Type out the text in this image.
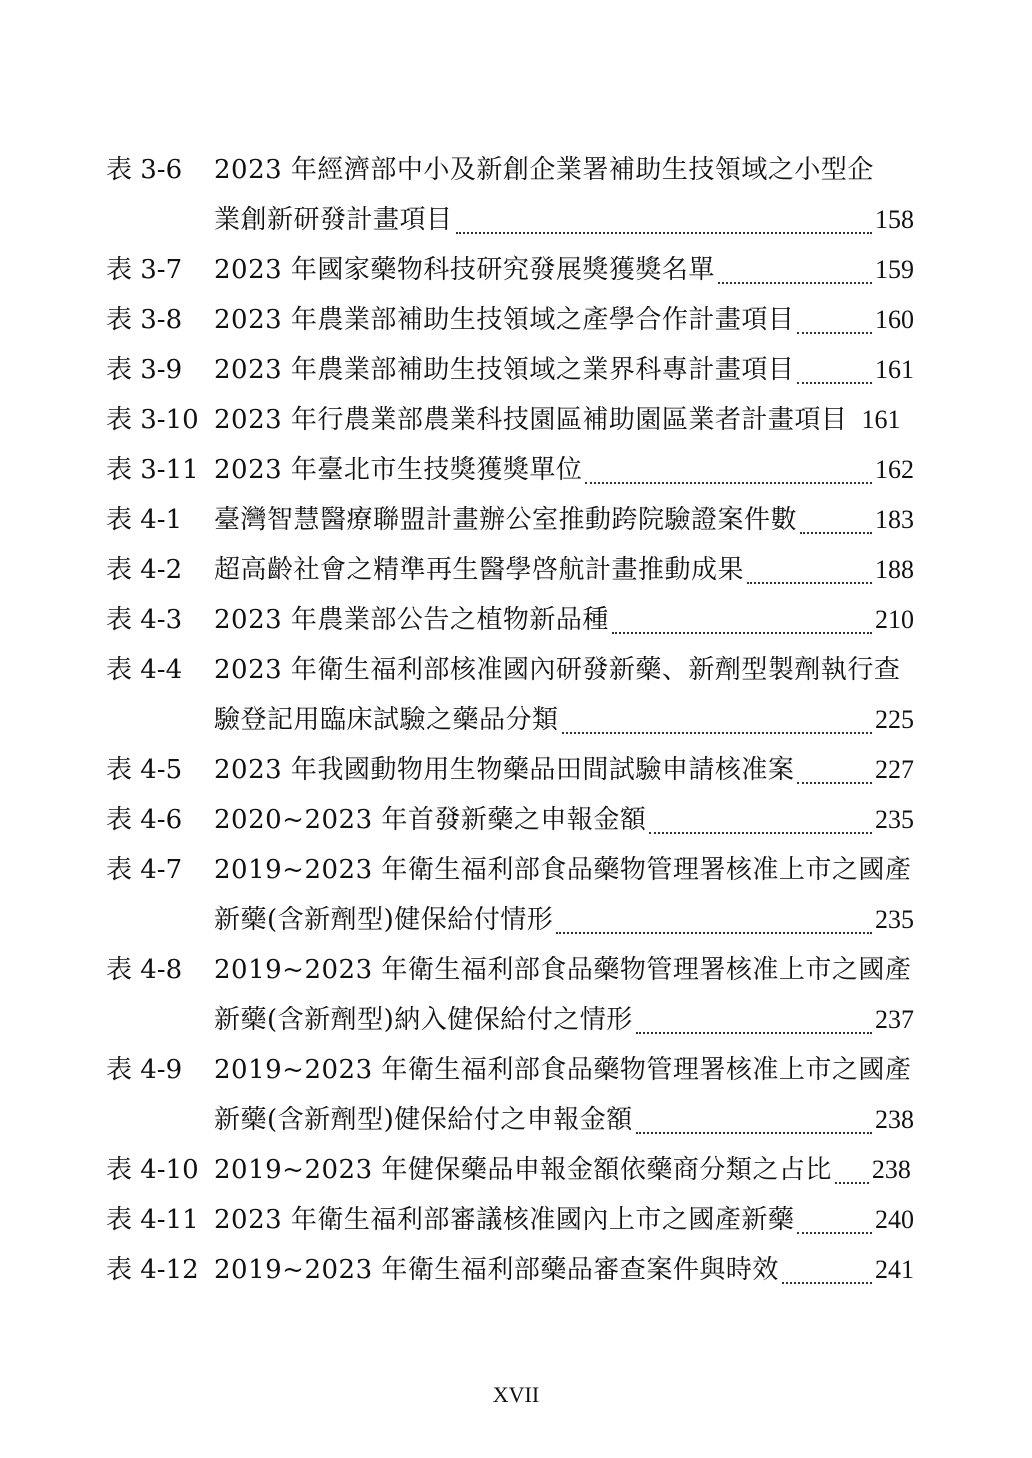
表 3-6	2023 年經濟部中小及新創企業署補助生技領域之小型企
業創新研發計畫項目	158
表 3-7	2023 年國家藥物科技研究發展獎獲獎名單	159
表 3-8	2023 年農業部補助生技領域之產學合作計畫項目	160
表 3-9	2023 年農業部補助生技領域之業界科專計畫項目	161
表 3-10 2023 年行農業部農業科技園區補助園區業者計畫項目 161
表 3-11 2023 年臺北市生技獎獲獎單位	162
表 4-1	臺灣智慧醫療聯盟計畫辦公室推動跨院驗證案件數	183
表 4-2	超高齡社會之精準再生醫學啓航計畫推動成果	188
表 4-3	2023 年農業部公告之植物新品種	210
表 4-4	2023 年衛生福利部核准國內研發新藥、新劑型製劑執行查
驗登記用臨床試驗之藥品分類	225
表 4-5	2023 年我國動物用生物藥品田間試驗申請核准案	227
表 4-6	2020~2023 年首發新藥之申報金額	235
表 4-7	2019~2023 年衛生福利部食品藥物管理署核准上市之國產
新藥(含新劑型)健保給付情形	235
表 4-8	2019~2023 年衛生福利部食品藥物管理署核准上市之國產
新藥(含新劑型)納入健保給付之情形	237
表 4-9	2019~2023 年衛生福利部食品藥物管理署核准上市之國產
新藥(含新劑型)健保給付之申報金額	238
表 4-10 2019~2023 年健保藥品申報金額依藥商分類之占比 238
表 4-11 2023 年衛生福利部審議核准國內上市之國產新藥	240
表 4-12 2019~2023 年衛生福利部藥品審查案件與時效	241
XVII
